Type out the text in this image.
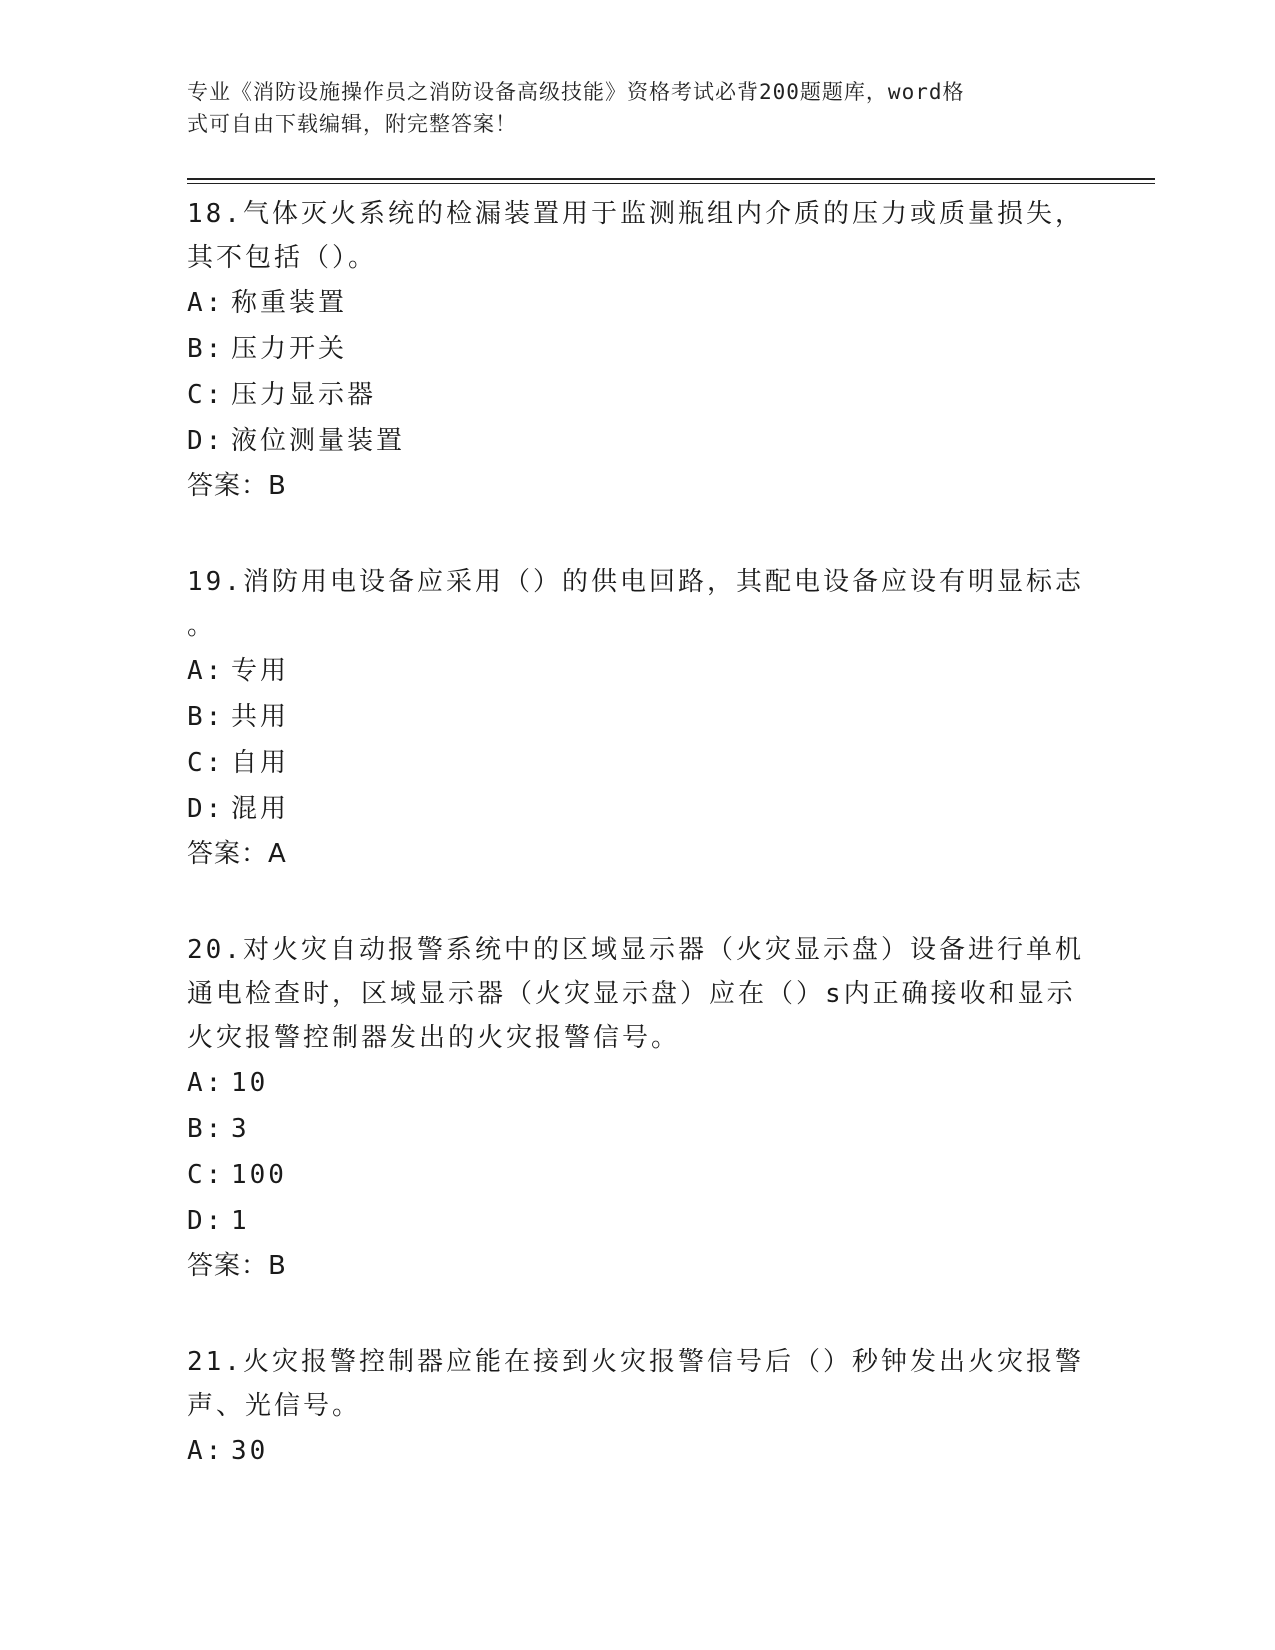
专业《消防设施操作员之消防设备高级技能》资格考试必背200题题库，word格
式可自由下载编辑，附完整答案！
18.气体灭火系统的检漏装置用于监测瓶组内介质的压力或质量损失，
其不包括（）。
A: 称重装置
B: 压力开关
C: 压力显示器
D: 液位测量装置
答案：B
19.消防用电设备应采用（）的供电回路，其配电设备应设有明显标志
。
A: 专用
B: 共用
C: 自用
D: 混用
答案：A
20.对火灾自动报警系统中的区域显示器（火灾显示盘）设备进行单机
通电检查时，区域显示器（火灾显示盘）应在（）s内正确接收和显示
火灾报警控制器发出的火灾报警信号。
A: 10
B: 3
C: 100
D: 1
答案：B
21.火灾报警控制器应能在接到火灾报警信号后（）秒钟发出火灾报警
声、光信号。
A: 30
